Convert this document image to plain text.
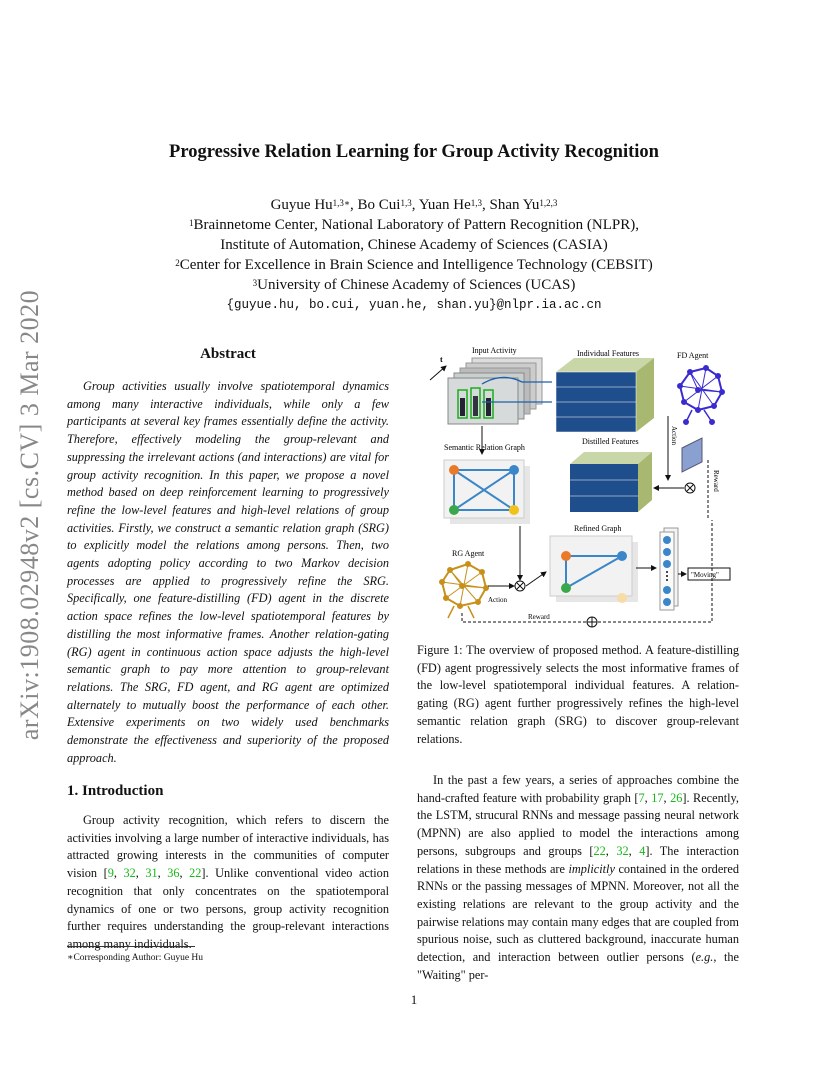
arXiv:1908.02948v2 [cs.CV] 3 Mar 2020
Progressive Relation Learning for Group Activity Recognition
Guyue $Hu^{1,3∗}$, Bo Cui$^{1,3}$, Yuan He$^{1,3}$, Shan Yu$^{1,2,3}$
$^1$Brainnetome Center, National Laboratory of Pattern Recognition (NLPR),
Institute of Automation, Chinese Academy of Sciences (CASIA)
$^2$Center for Excellence in Brain Science and Intelligence Technology (CEBSIT)
$^3$University of Chinese Academy of Sciences (UCAS)
{guyue.hu, bo.cui, yuan.he, shan.yu}@nlpr.ia.ac.cn
Abstract
Group activities usually involve spatiotemporal dynamics among many interactive individuals, while only a few participants at several key frames essentially define the activity. Therefore, effectively modeling the group-relevant and suppressing the irrelevant actions (and interactions) are vital for group activity recognition. In this paper, we propose a novel method based on deep reinforcement learning to progressively refine the low-level features and high-level relations of group activities. Firstly, we construct a semantic relation graph (SRG) to explicitly model the relations among persons. Then, two agents adopting policy according to two Markov decision processes are applied to progressively refine the SRG. Specifically, one feature-distilling (FD) agent in the discrete action space refines the low-level spatiotemporal features by distilling the most informative frames. Another relation-gating (RG) agent in continuous action space adjusts the high-level semantic graph to pay more attention to group-relevant relations. The SRG, FD agent, and RG agent are optimized alternately to mutually boost the performance of each other. Extensive experiments on two widely used benchmarks demonstrate the effectiveness and superiority of the proposed approach.
1. Introduction
Group activity recognition, which refers to discern the activities involving a large number of interactive individuals, has attracted growing interests in the communities of computer vision [9, 32, 31, 36, 22]. Unlike conventional video action recognition that only concentrates on the spatiotemporal dynamics of one or two persons, group activity recognition further requires understanding the group-relevant interactions among many individuals.
∗Corresponding Author: Guyue Hu
Input Activity
t
Individual Features	FD Agent
Action
Reward
Semantic Relation Graph
Distilled Features
Refined Graph
"Moving"
RG Agent
Action
Reward
Figure 1: The overview of proposed method. A feature-distilling (FD) agent progressively selects the most informative frames of the low-level spatiotemporal individual features. A relation-gating (RG) agent further progressively refines the high-level semantic relation graph (SRG) to discover group-relevant relations.
In the past a few years, a series of approaches combine the hand-crafted feature with probability graph [7, 17, 26]. Recently, the LSTM, strucural RNNs and message passing neural network (MPNN) are also applied to model the interactions among persons, subgroups and groups [22, 32, 4]. The interaction relations in these methods are implicitly contained in the ordered RNNs or the passing messages of MPNN. Moreover, not all the existing relations are relevant to the group activity and the pairwise relations may contain many edges that are coupled from spurious noise, such as cluttered background, inaccurate human detection, and interaction between outlier persons (e.g., the "Waiting" per-
1
